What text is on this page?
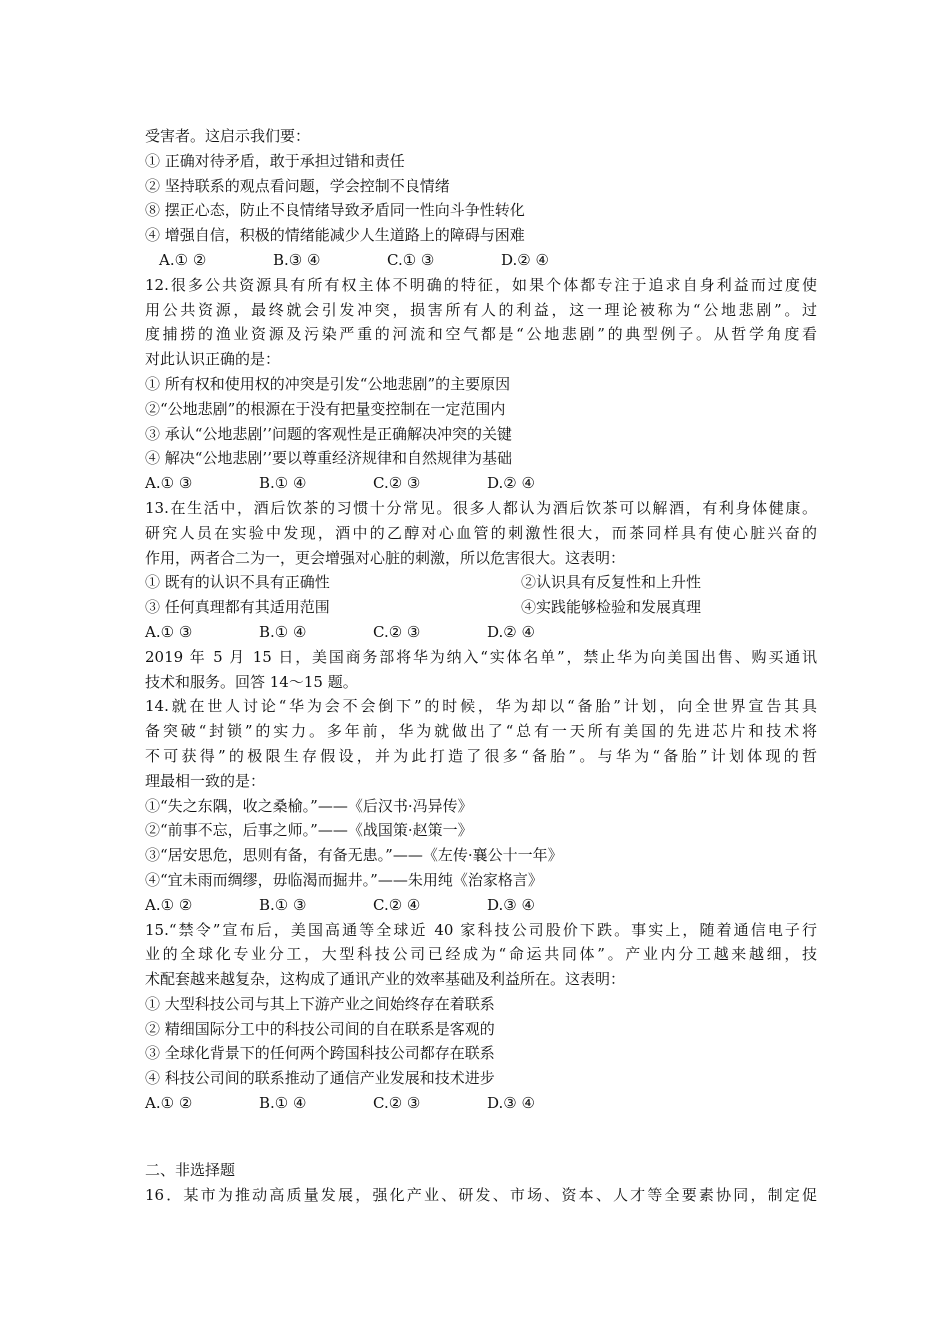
受害者。这启示我们要：
① 正确对待矛盾，敢于承担过错和责任
② 坚持联系的观点看问题，学会控制不良情绪
⑧ 摆正心态，防止不良情绪导致矛盾同一性向斗争性转化
④ 增强自信，积极的情绪能减少人生道路上的障碍与困难
A.① ②	B.③ ④	C.① ③	D.② ④
12.很多公共资源具有所有权主体不明确的特征，如果个体都专注于追求自身利益而过度使
用公共资源，最终就会引发冲突，损害所有人的利益，这一理论被称为“公地悲剧”。过
度捕捞的渔业资源及污染严重的河流和空气都是“公地悲剧”的典型例子。从哲学角度看
对此认识正确的是：
① 所有权和使用权的冲突是引发“公地悲剧”的主要原因
②“公地悲剧”的根源在于没有把量变控制在一定范围内
③ 承认“公地悲剧’’问题的客观性是正确解决冲突的关键
④ 解决“公地悲剧’’要以尊重经济规律和自然规律为基础
A.① ③	B.① ④	C.② ③	D.② ④
13.在生活中，酒后饮茶的习惯十分常见。很多人都认为酒后饮茶可以解酒，有利身体健康。
研究人员在实验中发现，酒中的乙醇对心血管的刺激性很大，而茶同样具有使心脏兴奋的
作用，两者合二为一，更会增强对心脏的刺激，所以危害很大。这表明：
① 既有的认识不具有正确性	②认识具有反复性和上升性
③ 任何真理都有其适用范围	④实践能够检验和发展真理
A.① ③	B.① ④	C.② ③	D.② ④
2019 年 5 月 15 日，美国商务部将华为纳入“实体名单”，禁止华为向美国出售、购买通讯
技术和服务。回答 14～15 题。
14.就在世人讨论“华为会不会倒下”的时候，华为却以“备胎”计划，向全世界宣告其具
备突破“封锁”的实力。多年前，华为就做出了“总有一天所有美国的先进芯片和技术将
不可获得”的极限生存假设，并为此打造了很多“备胎”。与华为“备胎”计划体现的哲
理最相一致的是：
①“失之东隅，收之桑榆。”——《后汉书·冯异传》
②“前事不忘，后事之师。”——《战国策·赵策一》
③“居安思危，思则有备，有备无患。”——《左传·襄公十一年》
④“宜未雨而绸缪，毋临渴而掘井。”——朱用纯《治家格言》
A.① ②	B.① ③	C.② ④	D.③ ④
15.“禁令”宣布后，美国高通等全球近 40 家科技公司股价下跌。事实上，随着通信电子行
业的全球化专业分工，大型科技公司已经成为“命运共同体”。产业内分工越来越细，技
术配套越来越复杂，这构成了通讯产业的效率基础及利益所在。这表明：
① 大型科技公司与其上下游产业之间始终存在着联系
② 精细国际分工中的科技公司间的自在联系是客观的
③ 全球化背景下的任何两个跨国科技公司都存在联系
④ 科技公司间的联系推动了通信产业发展和技术进步
A.① ②	B.① ④	C.② ③	D.③ ④
二、非选择题
16．某市为推动高质量发展，强化产业、研发、市场、资本、人才等全要素协同，制定促
